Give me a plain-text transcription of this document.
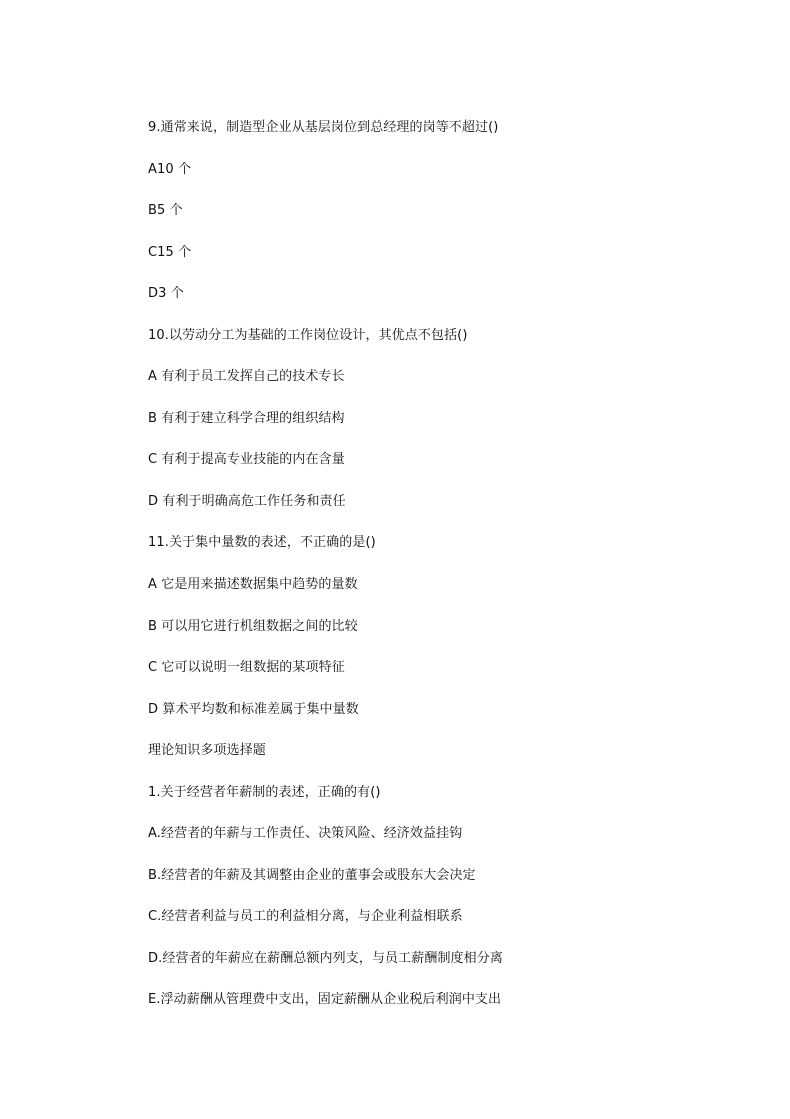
9.通常来说，制造型企业从基层岗位到总经理的岗等不超过()
A10 个
B5 个
C15 个
D3 个
10.以劳动分工为基础的工作岗位设计，其优点不包括()
A 有利于员工发挥自己的技术专长
B 有利于建立科学合理的组织结构
C 有利于提高专业技能的内在含量
D 有利于明确高危工作任务和责任
11.关于集中量数的表述，不正确的是()
A 它是用来描述数据集中趋势的量数
B 可以用它进行机组数据之间的比较
C 它可以说明一组数据的某项特征
D 算术平均数和标准差属于集中量数
理论知识多项选择题
1.关于经营者年薪制的表述，正确的有()
A.经营者的年薪与工作责任、决策风险、经济效益挂钩
B.经营者的年薪及其调整由企业的董事会或股东大会决定
C.经营者利益与员工的利益相分离，与企业利益相联系
D.经营者的年薪应在薪酬总额内列支，与员工薪酬制度相分离
E.浮动薪酬从管理费中支出，固定薪酬从企业税后利润中支出
